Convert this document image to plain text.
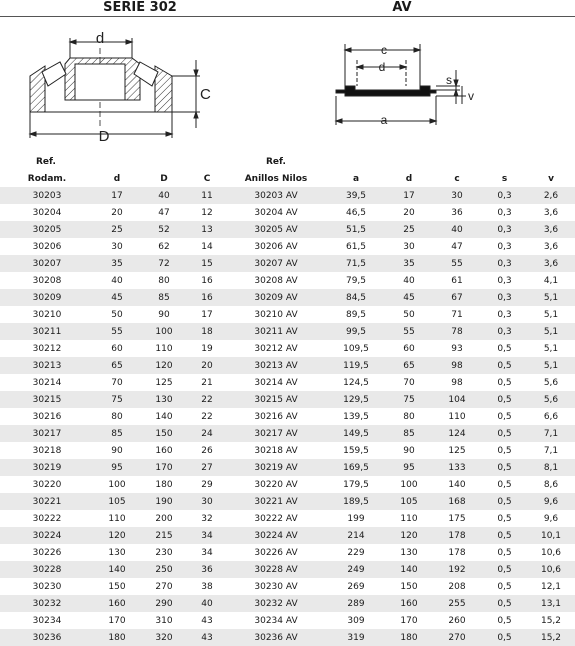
SERIE 302	AV
d
D
C
c
d
a
s
v
Ref.	Ref.
Rodam.	d	D	C	Anillos Nilos	a	d	c	s	v
30203	17	40	11	30203 AV	39,5	17	30	0,3	2,6
30204	20	47	12	30204 AV	46,5	20	36	0,3	3,6
30205	25	52	13	30205 AV	51,5	25	40	0,3	3,6
30206	30	62	14	30206 AV	61,5	30	47	0,3	3,6
30207	35	72	15	30207 AV	71,5	35	55	0,3	3,6
30208	40	80	16	30208 AV	79,5	40	61	0,3	4,1
30209	45	85	16	30209 AV	84,5	45	67	0,3	5,1
30210	50	90	17	30210 AV	89,5	50	71	0,3	5,1
30211	55	100	18	30211 AV	99,5	55	78	0,3	5,1
30212	60	110	19	30212 AV	109,5	60	93	0,5	5,1
30213	65	120	20	30213 AV	119,5	65	98	0,5	5,1
30214	70	125	21	30214 AV	124,5	70	98	0,5	5,6
30215	75	130	22	30215 AV	129,5	75	104	0,5	5,6
30216	80	140	22	30216 AV	139,5	80	110	0,5	6,6
30217	85	150	24	30217 AV	149,5	85	124	0,5	7,1
30218	90	160	26	30218 AV	159,5	90	125	0,5	7,1
30219	95	170	27	30219 AV	169,5	95	133	0,5	8,1
30220	100	180	29	30220 AV	179,5	100	140	0,5	8,6
30221	105	190	30	30221 AV	189,5	105	168	0,5	9,6
30222	110	200	32	30222 AV	199	110	175	0,5	9,6
30224	120	215	34	30224 AV	214	120	178	0,5	10,1
30226	130	230	34	30226 AV	229	130	178	0,5	10,6
30228	140	250	36	30228 AV	249	140	192	0,5	10,6
30230	150	270	38	30230 AV	269	150	208	0,5	12,1
30232	160	290	40	30232 AV	289	160	255	0,5	13,1
30234	170	310	43	30234 AV	309	170	260	0,5	15,2
30236	180	320	43	30236 AV	319	180	270	0,5	15,2
